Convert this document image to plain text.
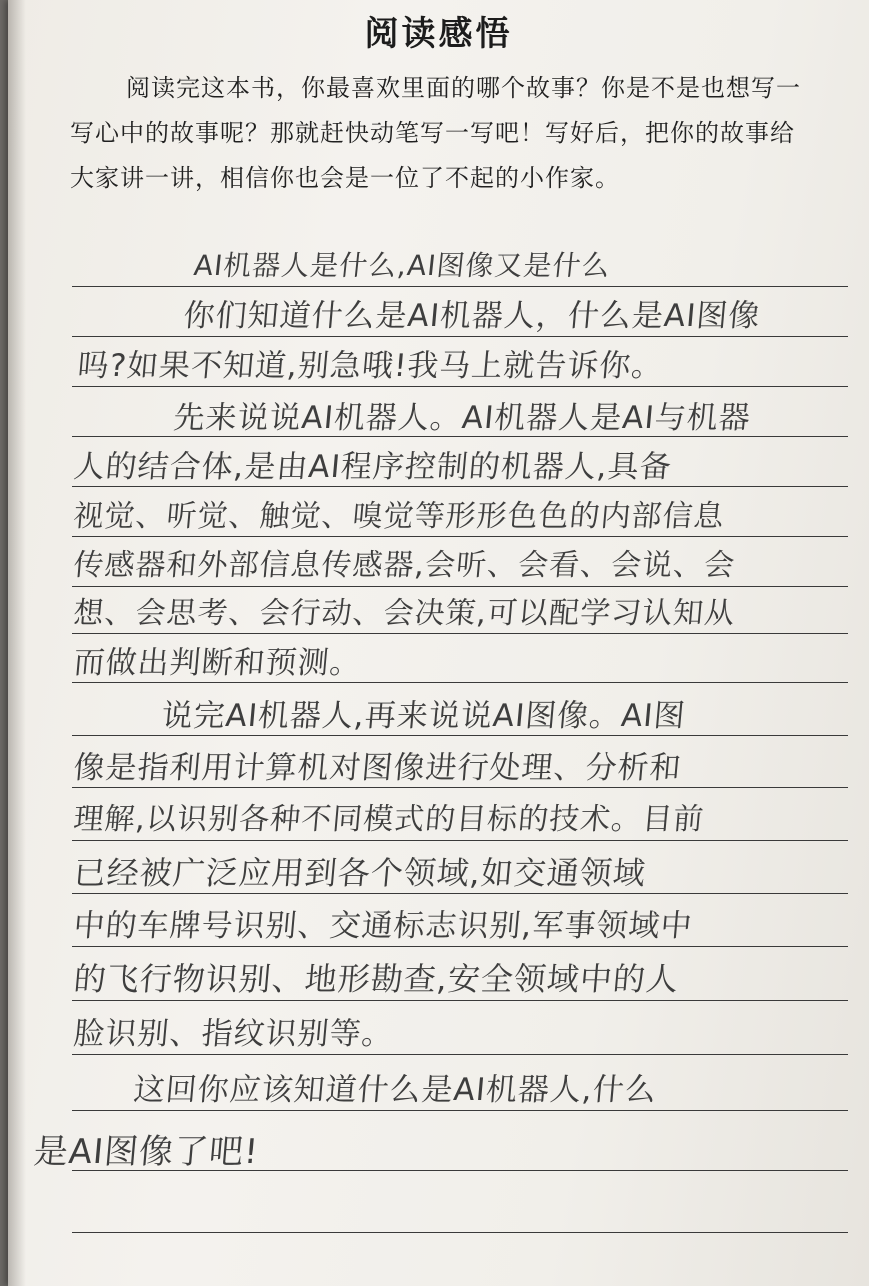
阅读感悟
阅读完这本书，你最喜欢里面的哪个故事？你是不是也想写一写心中的故事呢？那就赶快动笔写一写吧！写好后，把你的故事给大家讲一讲，相信你也会是一位了不起的小作家。
AI机器人是什么,AI图像又是什么
你们知道什么是AI机器人，什么是AI图像
吗?如果不知道,别急哦!我马上就告诉你。
先来说说AI机器人。AI机器人是AI与机器
人的结合体,是由AI程序控制的机器人,具备
视觉、听觉、触觉、嗅觉等形形色色的内部信息
传感器和外部信息传感器,会听、会看、会说、会
想、会思考、会行动、会决策,可以配学习认知从
而做出判断和预测。
说完AI机器人,再来说说AI图像。AI图
像是指利用计算机对图像进行处理、分析和
理解,以识别各种不同模式的目标的技术。目前
已经被广泛应用到各个领域,如交通领域
中的车牌号识别、交通标志识别,军事领域中
的飞行物识别、地形勘查,安全领域中的人
脸识别、指纹识别等。
这回你应该知道什么是AI机器人,什么
是AI图像了吧!
